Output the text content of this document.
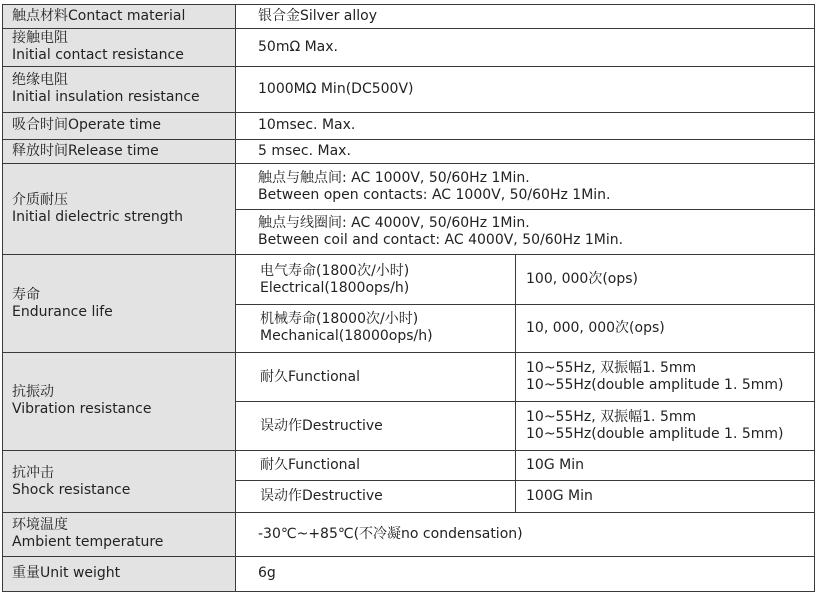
触点材料Contact material	银合金Silver alloy	

接触电阻
Initial contact resistance	50mΩ Max.	

绝缘电阻
Initial insulation resistance	1000MΩ Min(DC500V)	
吸合时间Operate time	10msec. Max.	
释放时间Release time	5 msec. Max.	

介质耐压
Initial dielectric strength	触点与触点间: AC 1000V, 50/60Hz 1Min.
Between open contacts: AC 1000V, 50/60Hz 1Min.	

	触点与线圈间: AC 4000V, 50/60Hz 1Min.
Between coil and contact: AC 4000V, 50/60Hz 1Min.	

寿命
Endurance life	电气寿命(1800次/小时)
Electrical(1800ops/h)	100, 000次(ops)

	机械寿命(18000次/小时)
Mechanical(18000ops/h)	10, 000, 000次(ops)

抗振动
Vibration resistance	耐久Functional	10~55Hz, 双振幅1. 5mm
10~55Hz(double amplitude 1. 5mm)

	误动作Destructive	10~55Hz, 双振幅1. 5mm
10~55Hz(double amplitude 1. 5mm)

抗冲击
Shock resistance	耐久Functional	10G Min
	误动作Destructive	100G Min

环境温度
Ambient temperature	-30℃~+85℃(不冷凝no condensation)	
重量Unit weight	6g	
